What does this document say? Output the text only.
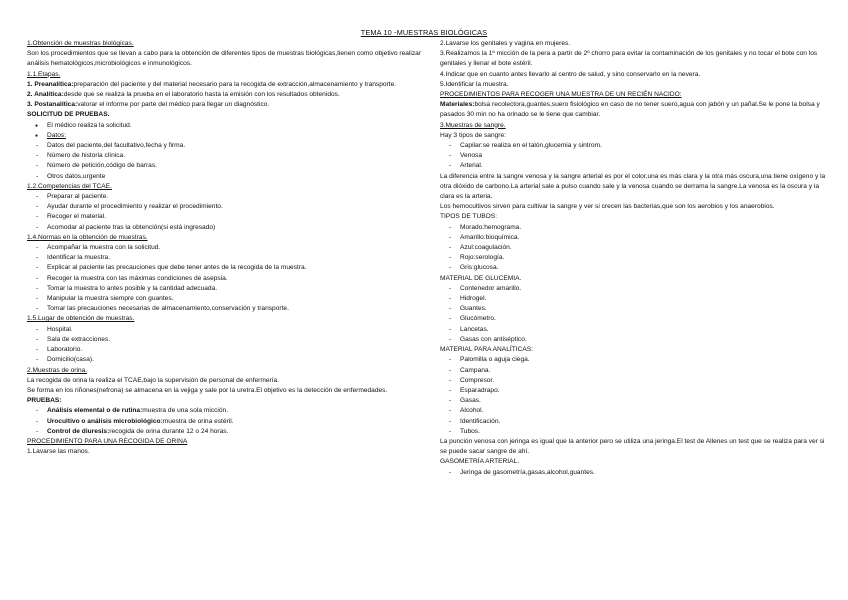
TEMA 10 -MUESTRAS BIOLÓGICAS

1.Obtención de muestras biológicas.

Son los procedimientos que se llevan a cabo para la obtención de diferentes tipos de muestras biológicas,tienen como objetivo realizar análisis hematológicos,microbiológicos e inmunológicos.

1.1.Etapas.

1. Preanalítica:preparación del paciente y del material necesario para la recogida de extracción,almacenamiento y transporte.

2. Analítica:desde que se realiza la prueba en el laboratorio hasta la emisión con los resultados obtenidos.

3. Postanalítica:valorar el informe por parte del médico para llegar un diagnóstico.

SOLICITUD DE PRUEBAS.

● El médico realiza la solicitud.

● Datos:

- Datos del paciente,del facultativo,fecha y firma.

- Número de historia clínica.

- Número de petición,código de barras.

- Otros datos,urgente

1.2.Competencias del TCAE.

- Preparar al paciente.

- Ayudar durante el procedimiento y realizar el procedimiento.

- Recoger el material.

- Acomodar al paciente tras la obtención(si está ingresado)

1.4.Normas en la obtención de muestras.

- Acompañar la muestra con la solicitud.

- Identificar la muestra.

- Explicar al paciente las precauciones que debe tener antes de la recogida de la muestra.

- Recoger la muestra con las máximas condiciones de asepsia.

- Tomar la muestra lo antes posible y la cantidad adecuada.

- Manipular la muestra siempre con guantes.

- Tomar las precauciones necesarias de almacenamiento,conservación y transporte.

1.5.Lugar de obtención de muestras.

- Hospital.

- Sala de extracciones.

- Laboratorio.

- Domicilio(casa).

2.Muestras de orina.

La recogida de orina la realiza el TCAE,bajo la supervisión de personal de enfermería.

Se forma en los riñones(nefrona) se almacena en la vejiga y sale por la uretra.El objetivo es la detección de enfermedades.

PRUEBAS:

- Análisis elemental o de rutina:muestra de una sola micción.

- Urocultivo o análisis microbiológico:muestra de orina estéril.

- Control de diuresis:recogida de orina durante 12 o 24 horas.

PROCEDIMIENTO PARA UNA RECOGIDA DE ORINA

1.Lavarse las manos.

2.Lavarse los genitales y vagina en mujeres.

3.Realizamos la 1º micción de la pera a partir de 2º chorro para evitar la contaminación de los genitales y no tocar el bote con los genitales y llenar el bote estéril.

4.Indicar que en cuanto antes llevarlo al centro de salud, y sino conservarlo en la nevera.

5.Identificar la muestra.

PROCEDIMIENTOS PARA RECOGER UNA MUESTRA DE UN RECIÉN NACIDO:

Materiales:bolsa recolectora,guantes,suero fisiológico en caso de no tener suero,agua con jabón y un pañal.Se le pone la bolsa y pasados 30 min no ha orinado se le tiene que cambiar.

3.Muestras de sangre.

Hay 3 tipos de sangre:

- Capilar:se realiza en el talón,glucemia y sintrom.

- Venosa

- Arterial.

La diferencia entre la sangre venosa y la sangre arterial es por el color,una es más clara y la otra más oscura,una tiene oxígeno y la otra dióxido de carbono.La arterial sale a pulso cuando sale y la venosa cuando se derrama la sangre.La venosa es la oscura y la clara es la arteria.

Los hemocultivos sirven para cultivar la sangre y ver si crecen las bacterias,que son los aerobios y los anaerobios.

TIPOS DE TUBOS:

- Morado:hemograma.

- Amarillo:bioquímica.

- Azul:coagulación.

- Rojo:serología.

- Gris:glucosa.

MATERIAL DE GLUCEMIA.

- Contenedor amarillo.

- Hidrogel.

- Guantes.

- Glucómetro.

- Lancetas.

- Gasas con antiséptico.

MATERIAL PARA ANALÍTICAS:

- Palomilla o aguja ciega.

- Campana.

- Compresor.

- Esparadrapo.

- Gasas.

- Alcohol.

- Identificación.

- Tubos.

La punción venosa con jeringa es igual que la anterior pero se utiliza una jeringa.El test de Allenes un test que se realiza para ver si se puede sacar sangre de ahí.

GASOMETRÍA ARTERIAL.

- Jeringa de gasometría,gasas,alcohol,guantes.
